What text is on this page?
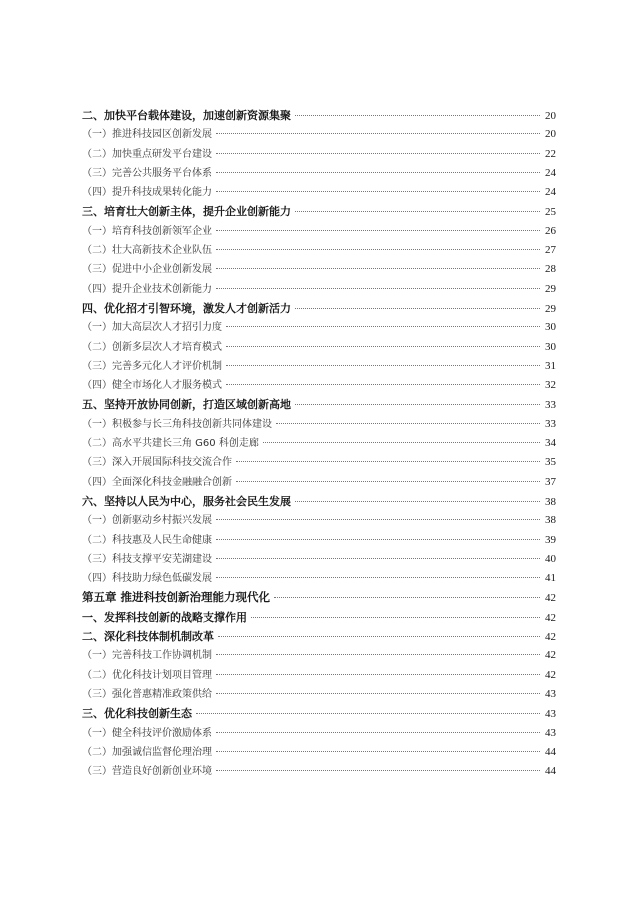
二、加快平台载体建设，加速创新资源集聚	20
（一）推进科技园区创新发展	20
（二）加快重点研发平台建设	22
（三）完善公共服务平台体系	24
（四）提升科技成果转化能力	24
三、培育壮大创新主体，提升企业创新能力	25
（一）培育科技创新领军企业	26
（二）壮大高新技术企业队伍	27
（三）促进中小企业创新发展	28
（四）提升企业技术创新能力	29
四、优化招才引智环境，激发人才创新活力	29
（一）加大高层次人才招引力度	30
（二）创新多层次人才培育模式	30
（三）完善多元化人才评价机制	31
（四）健全市场化人才服务模式	32
五、坚持开放协同创新，打造区域创新高地	33
（一）积极参与长三角科技创新共同体建设	33
（二）高水平共建长三角 G60 科创走廊	34
（三）深入开展国际科技交流合作	35
（四）全面深化科技金融融合创新	37
六、坚持以人民为中心，服务社会民生发展	38
（一）创新驱动乡村振兴发展	38
（二）科技惠及人民生命健康	39
（三）科技支撑平安芜湖建设	40
（四）科技助力绿色低碳发展	41
第五章 推进科技创新治理能力现代化	42
一、发挥科技创新的战略支撑作用	42
二、深化科技体制机制改革	42
（一）完善科技工作协调机制	42
（二）优化科技计划项目管理	42
（三）强化普惠精准政策供给	43
三、优化科技创新生态	43
（一）健全科技评价激励体系	43
（二）加强诚信监督伦理治理	44
（三）营造良好创新创业环境	44
